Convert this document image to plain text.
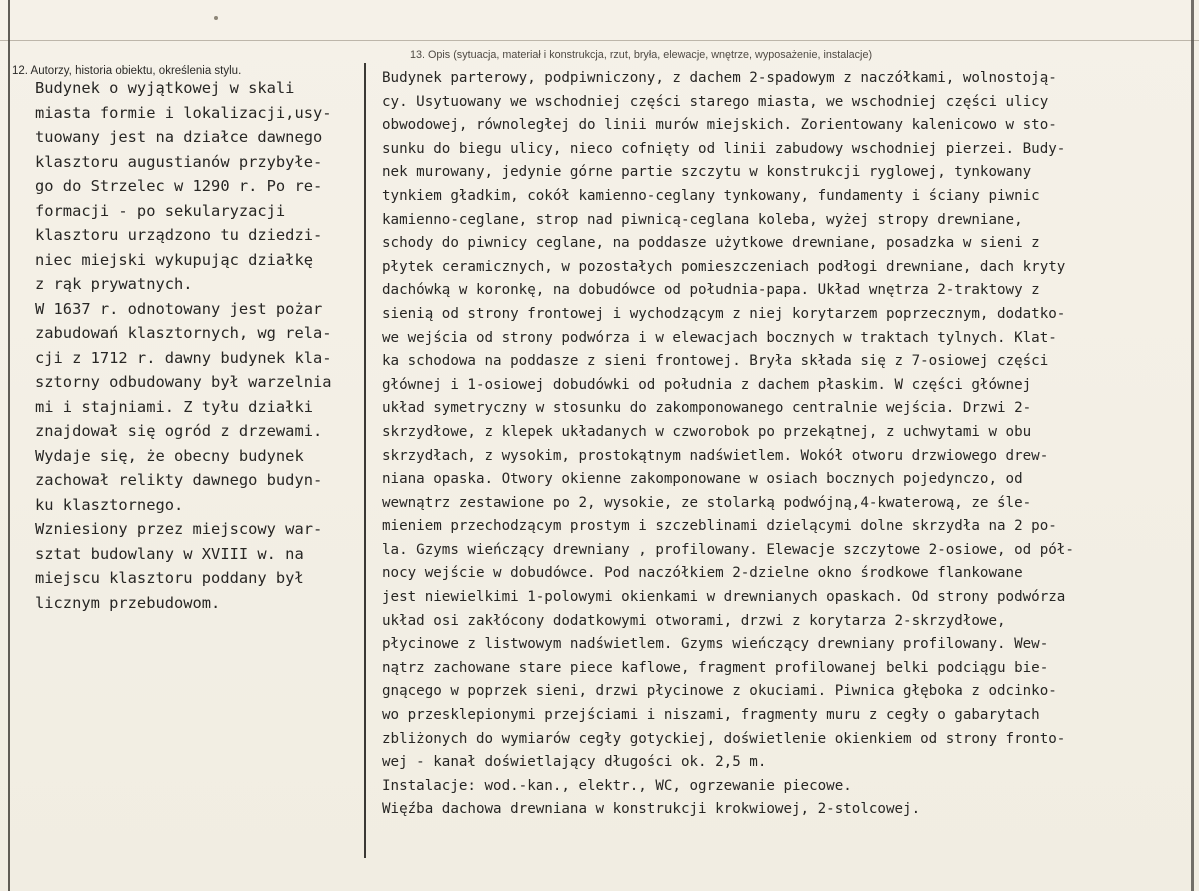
12. Autorzy, historia obiektu, określenia stylu.
13. Opis (sytuacja, materiał i konstrukcja, rzut, bryła, elewacje, wnętrze, wyposażenie, instalacje)
Budynek o wyjątkowej w skali
miasta formie i lokalizacji,usy-
tuowany jest na działce dawnego
klasztoru augustianów przybyłe-
go do Strzelec w 1290 r. Po re-
formacji - po sekularyzacji
klasztoru urządzono tu dziedzi-
niec miejski wykupując działkę
z rąk prywatnych.
W 1637 r. odnotowany jest pożar
zabudowań klasztornych, wg rela-
cji z 1712 r. dawny budynek kla-
sztorny odbudowany był warzelnia
mi i stajniami. Z tyłu działki
znajdował się ogród z drzewami.
Wydaje się, że obecny budynek
zachował relikty dawnego budyn-
ku klasztornego.
Wzniesiony przez miejscowy war-
sztat budowlany w XVIII w. na
miejscu klasztoru poddany był
licznym przebudowom.
Budynek parterowy, podpiwniczony, z dachem 2-spadowym z naczółkami, wolnostoją-
cy. Usytuowany we wschodniej części starego miasta, we wschodniej części ulicy
obwodowej, równoległej do linii murów miejskich. Zorientowany kalenicowo w sto-
sunku do biegu ulicy, nieco cofnięty od linii zabudowy wschodniej pierzei. Budy-
nek murowany, jedynie górne partie szczytu w konstrukcji ryglowej, tynkowany
tynkiem gładkim, cokół kamienno-ceglany tynkowany, fundamenty i ściany piwnic
kamienno-ceglane, strop nad piwnicą-ceglana koleba, wyżej stropy drewniane,
schody do piwnicy ceglane, na poddasze użytkowe drewniane, posadzka w sieni z
płytek ceramicznych, w pozostałych pomieszczeniach podłogi drewniane, dach kryty
dachówką w koronkę, na dobudówce od południa-papa. Układ wnętrza 2-traktowy z
sienią od strony frontowej i wychodzącym z niej korytarzem poprzecznym, dodatko-
we wejścia od strony podwórza i w elewacjach bocznych w traktach tylnych. Klat-
ka schodowa na poddasze z sieni frontowej. Bryła składa się z 7-osiowej części
głównej i 1-osiowej dobudówki od południa z dachem płaskim. W części głównej
układ symetryczny w stosunku do zakomponowanego centralnie wejścia. Drzwi 2-
skrzydłowe, z klepek układanych w czworobok po przekątnej, z uchwytami w obu
skrzydłach, z wysokim, prostokątnym nadświetlem. Wokół otworu drzwiowego drew-
niana opaska. Otwory okienne zakomponowane w osiach bocznych pojedynczo, od
wewnątrz zestawione po 2, wysokie, ze stolarką podwójną,4-kwaterową, ze śle-
mieniem przechodzącym prostym i szczeblinami dzielącymi dolne skrzydła na 2 po-
la. Gzyms wieńczący drewniany , profilowany. Elewacje szczytowe 2-osiowe, od pół-
nocy wejście w dobudówce. Pod naczółkiem 2-dzielne okno środkowe flankowane
jest niewielkimi 1-polowymi okienkami w drewnianych opaskach. Od strony podwórza
układ osi zakłócony dodatkowymi otworami, drzwi z korytarza 2-skrzydłowe,
płycinowe z listwowym nadświetlem. Gzyms wieńczący drewniany profilowany. Wew-
nątrz zachowane stare piece kaflowe, fragment profilowanej belki podciągu bie-
gnącego w poprzek sieni, drzwi płycinowe z okuciami. Piwnica głęboka z odcinko-
wo przesklepionymi przejściami i niszami, fragmenty muru z cegły o gabarytach
zbliżonych do wymiarów cegły gotyckiej, doświetlenie okienkiem od strony fronto-
wej - kanał doświetlający długości ok. 2,5 m.
Instalacje: wod.-kan., elektr., WC, ogrzewanie piecowe.
Więźba dachowa drewniana w konstrukcji krokwiowej, 2-stolcowej.
